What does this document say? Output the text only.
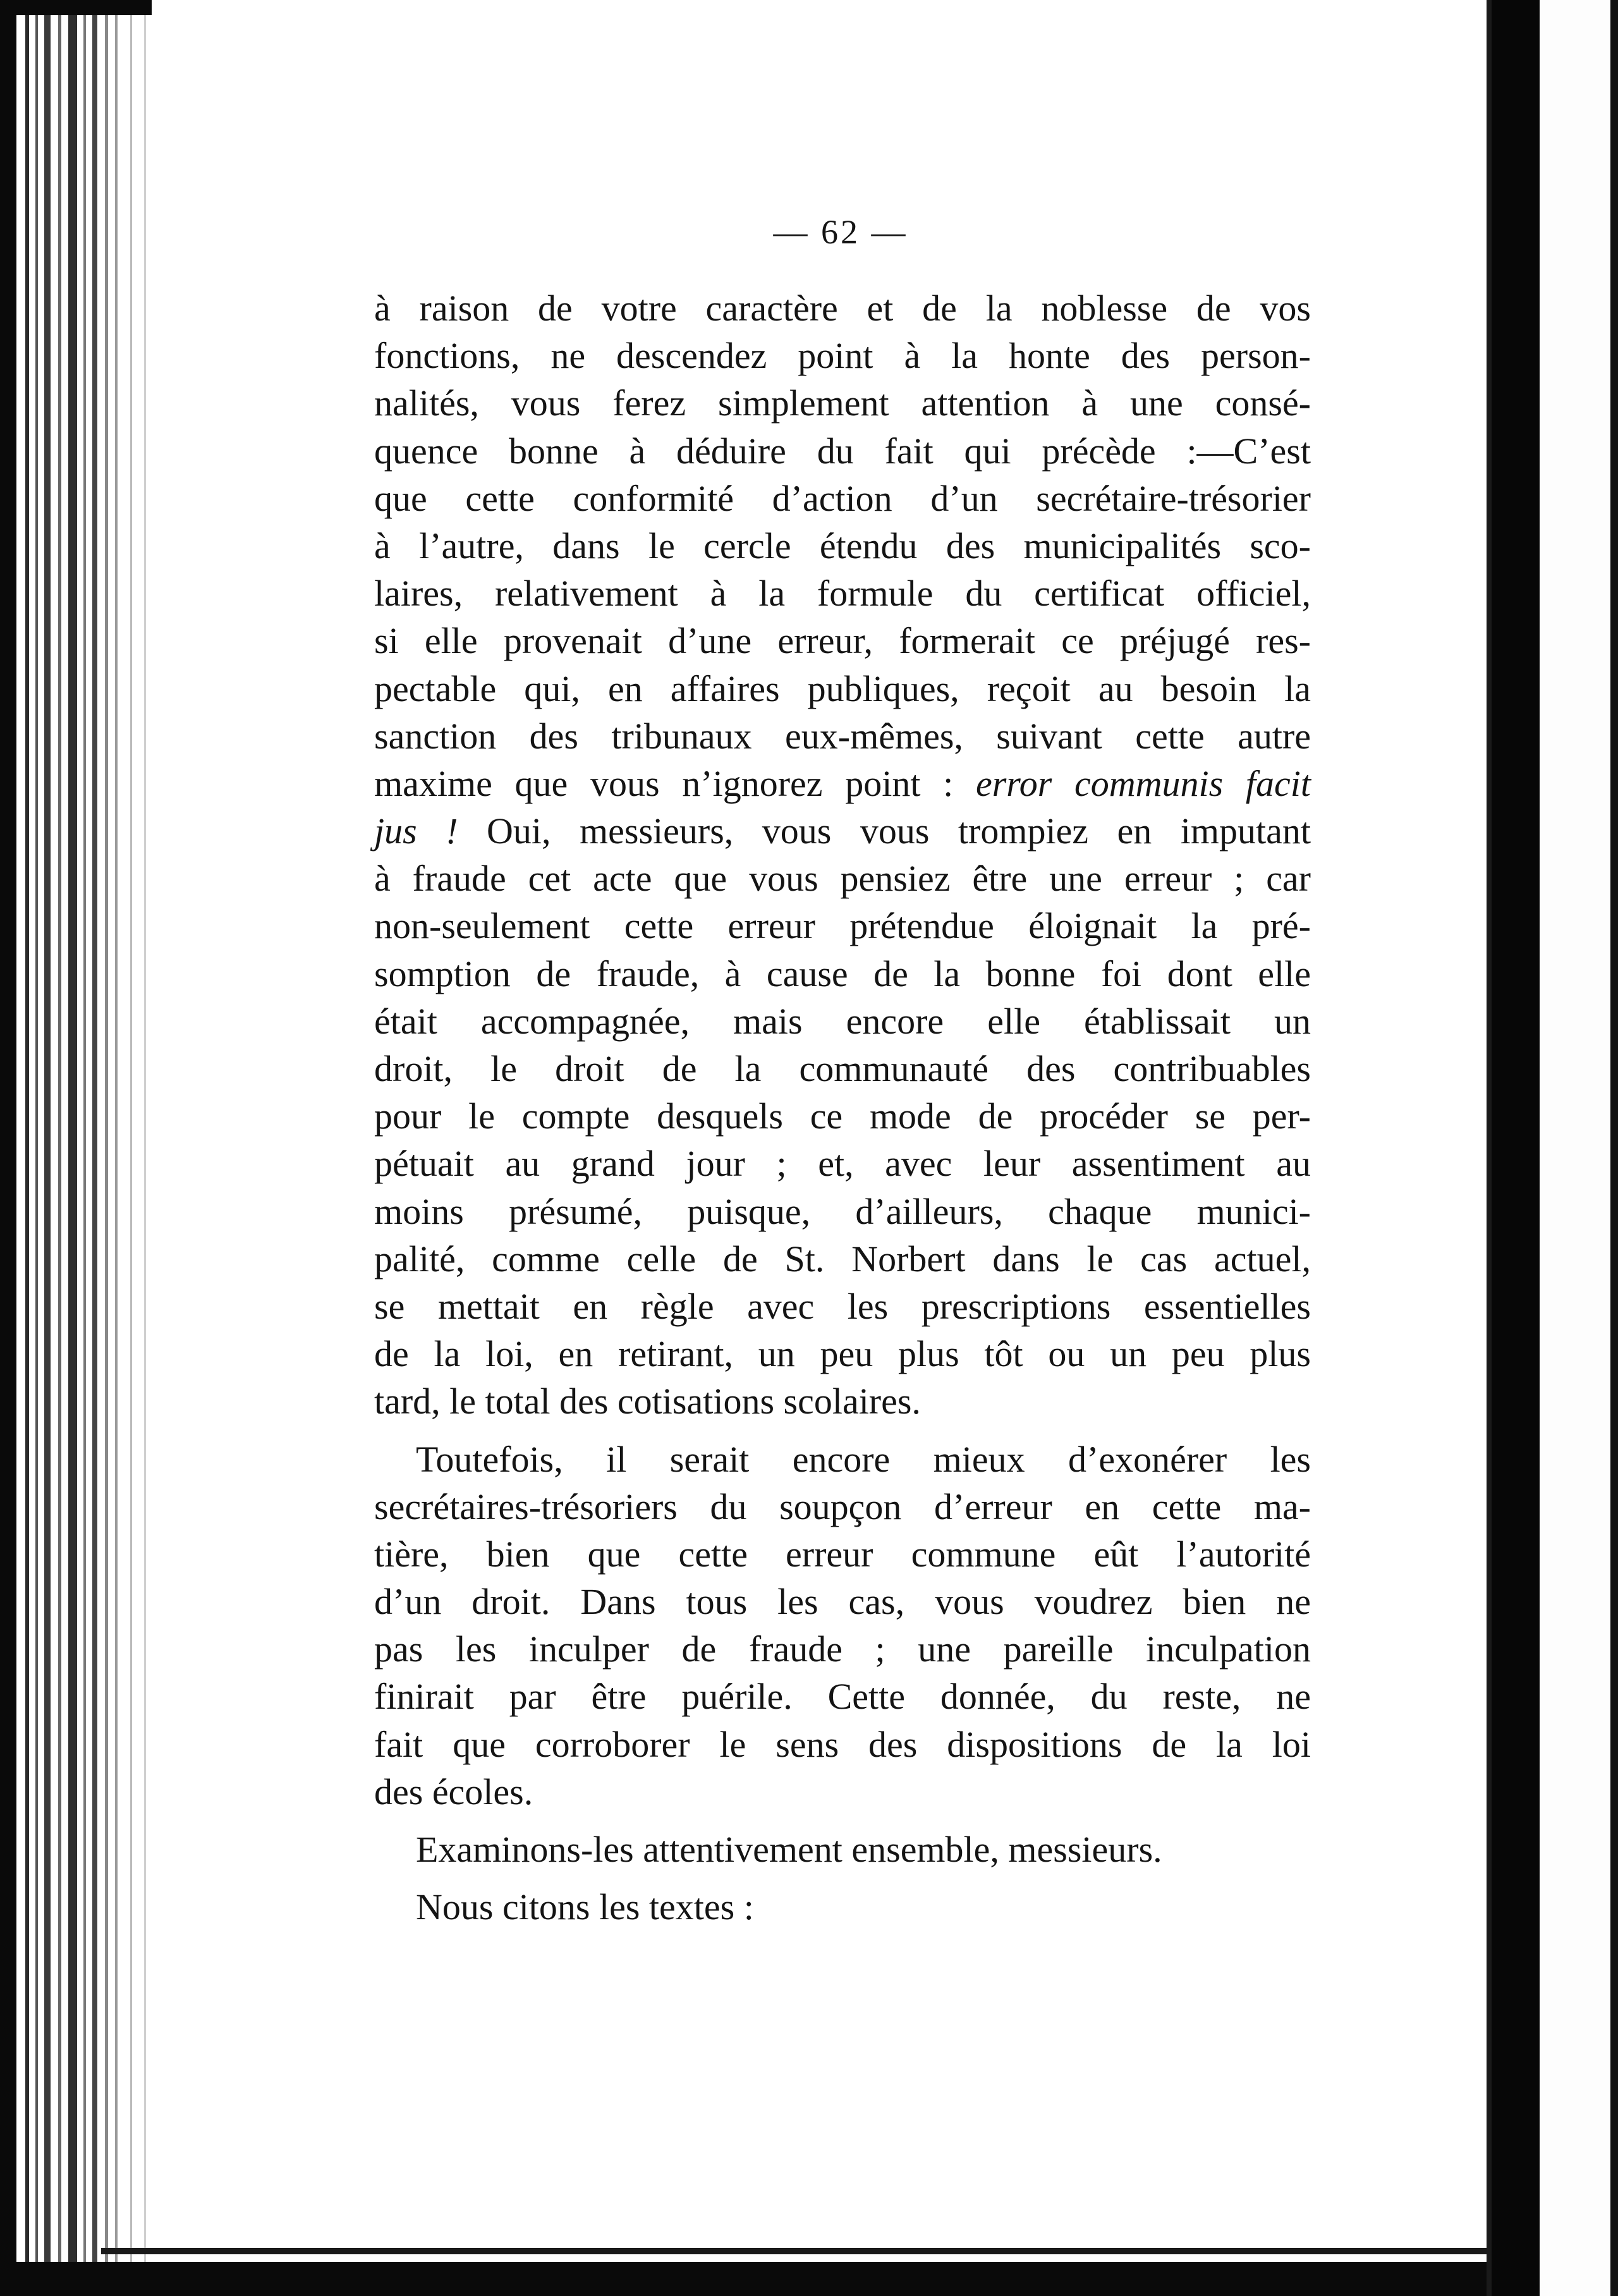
— 62 —
à raison de votre caractère et de la noblesse de vos
fonctions, ne descendez point à la honte des person-
nalités, vous ferez simplement attention à une consé-
quence bonne à déduire du fait qui précède :—C’est
que cette conformité d’action d’un secrétaire-trésorier
à l’autre, dans le cercle étendu des municipalités sco-
laires, relativement à la formule du certificat officiel,
si elle provenait d’une erreur, formerait ce préjugé res-
pectable qui, en affaires publiques, reçoit au besoin la
sanction des tribunaux eux-mêmes, suivant cette autre
maxime que vous n’ignorez point : error communis facit
jus ! Oui, messieurs, vous vous trompiez en imputant
à fraude cet acte que vous pensiez être une erreur ; car
non-seulement cette erreur prétendue éloignait la pré-
somption de fraude, à cause de la bonne foi dont elle
était accompagnée, mais encore elle établissait un
droit, le droit de la communauté des contribuables
pour le compte desquels ce mode de procéder se per-
pétuait au grand jour ; et, avec leur assentiment au
moins présumé, puisque, d’ailleurs, chaque munici-
palité, comme celle de St. Norbert dans le cas actuel,
se mettait en règle avec les prescriptions essentielles
de la loi, en retirant, un peu plus tôt ou un peu plus
tard, le total des cotisations scolaires.
Toutefois, il serait encore mieux d’exonérer les
secrétaires-trésoriers du soupçon d’erreur en cette ma-
tière, bien que cette erreur commune eût l’autorité
d’un droit. Dans tous les cas, vous voudrez bien ne
pas les inculper de fraude ; une pareille inculpation
finirait par être puérile. Cette donnée, du reste, ne
fait que corroborer le sens des dispositions de la loi
des écoles.
Examinons-les attentivement ensemble, messieurs.
Nous citons les textes :
